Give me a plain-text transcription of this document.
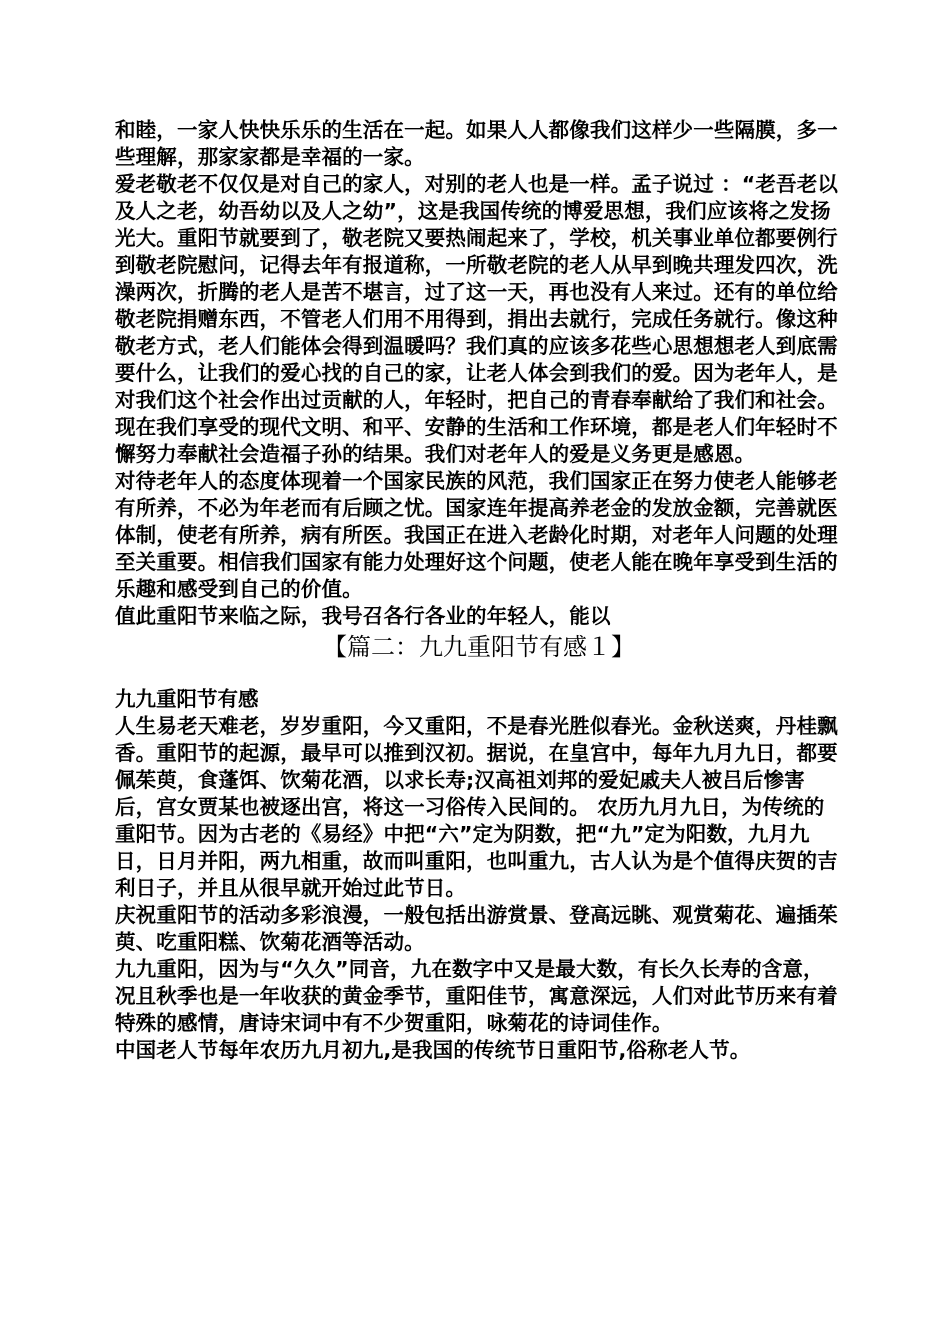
和睦，一家人快快乐乐的生活在一起。如果人人都像我们这样少一些隔膜，多一些理解，那家家都是幸福的一家。

爱老敬老不仅仅是对自己的家人，对别的老人也是一样。孟子说过 ：“老吾老以及人之老，幼吾幼以及人之幼”，这是我国传统的博爱思想，我们应该将之发扬光大。重阳节就要到了，敬老院又要热闹起来了，学校，机关事业单位都要例行到敬老院慰问，记得去年有报道称，一所敬老院的老人从早到晚共理发四次，洗澡两次，折腾的老人是苦不堪言，过了这一天，再也没有人来过。还有的单位给敬老院捐赠东西，不管老人们用不用得到，捐出去就行，完成任务就行。像这种敬老方式，老人们能体会得到温暖吗？我们真的应该多花些心思想想老人到底需要什么，让我们的爱心找的自己的家，让老人体会到我们的爱。因为老年人，是对我们这个社会作出过贡献的人，年轻时，把自己的青春奉献给了我们和社会。现在我们享受的现代文明、和平、安静的生活和工作环境，都是老人们年轻时不懈努力奉献社会造福子孙的结果。我们对老年人的爱是义务更是感恩。

对待老年人的态度体现着一个国家民族的风范，我们国家正在努力使老人能够老有所养，不必为年老而有后顾之忧。国家连年提高养老金的发放金额，完善就医体制，使老有所养，病有所医。我国正在进入老龄化时期，对老年人问题的处理至关重要。相信我们国家有能力处理好这个问题，使老人能在晚年享受到生活的乐趣和感受到自己的价值。

值此重阳节来临之际，我号召各行各业的年轻人，能以

【篇二：九九重阳节有感１】

九九重阳节有感

人生易老天难老，岁岁重阳，今又重阳，不是春光胜似春光。金秋送爽，丹桂飘香。重阳节的起源，最早可以推到汉初。据说，在皇宫中，每年九月九日，都要佩茱萸，食蓬饵、饮菊花酒，以求长寿;汉高祖刘邦的爱妃戚夫人被吕后惨害后，宫女贾某也被逐出宫，将这一习俗传入民间的。 农历九月九日，为传统的重阳节。因为古老的《易经》中把“六”定为阴数，把“九”定为阳数，九月九日，日月并阳，两九相重，故而叫重阳，也叫重九，古人认为是个值得庆贺的吉利日子，并且从很早就开始过此节日。

庆祝重阳节的活动多彩浪漫，一般包括出游赏景、登高远眺、观赏菊花、遍插茱萸、吃重阳糕、饮菊花酒等活动。

九九重阳，因为与“久久”同音，九在数字中又是最大数，有长久长寿的含意，况且秋季也是一年收获的黄金季节，重阳佳节，寓意深远，人们对此节历来有着特殊的感情，唐诗宋词中有不少贺重阳，咏菊花的诗词佳作。

中国老人节每年农历九月初九,是我国的传统节日重阳节,俗称老人节。
